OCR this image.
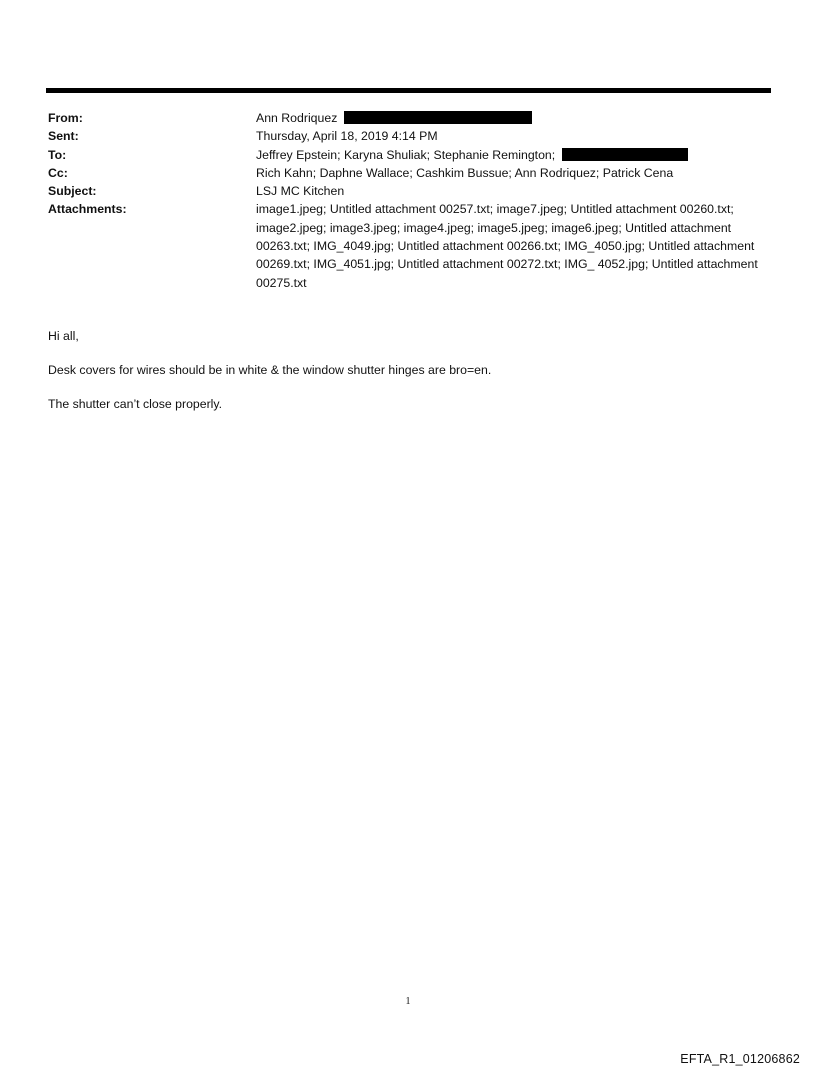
From:	Ann Rodriquez
Sent:	Thursday, April 18, 2019 4:14 PM
To:	Jeffrey Epstein; Karyna Shuliak; Stephanie Remington;
Cc:	Rich Kahn; Daphne Wallace; Cashkim Bussue; Ann Rodriquez; Patrick Cena
Subject:	LSJ MC Kitchen
Attachments:	image1.jpeg; Untitled attachment 00257.txt; image7.jpeg; Untitled attachment 00260.txt; image2.jpeg; image3.jpeg; image4.jpeg; image5.jpeg; image6.jpeg; Untitled attachment 00263.txt; IMG_4049.jpg; Untitled attachment 00266.txt; IMG_4050.jpg; Untitled attachment 00269.txt; IMG_4051.jpg; Untitled attachment 00272.txt; IMG_ 4052.jpg; Untitled attachment 00275.txt

Hi all,

Desk covers for wires should be in white & the window shutter hinges are bro=en.

The shutter can’t close properly.

1
EFTA_R1_01206862
